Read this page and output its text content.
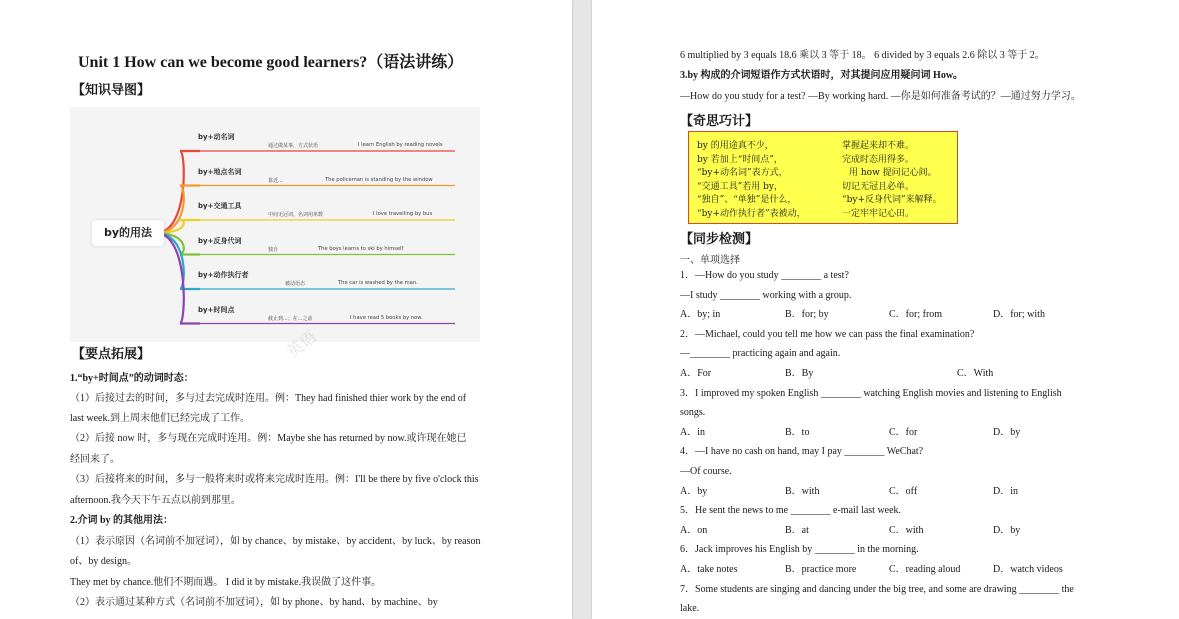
Unit 1 How can we become good learners?（语法讲练）
【知识导图】
by的用法
by+动名词
通过做某事，方式状语	I learn English by reading novels
by+地点名词
靠近...	The policeman is standing by the window
by+交通工具
中间无冠词、名词用单数	I love travelling by bus
by+反身代词
独自	The boys learns to ski by himself
by+动作执行者
被动语态	The car is washed by the man.
by+时间点
截止到...；在...之前	I have read 5 books by now.
英语
【要点拓展】
1.“by+时间点”的动词时态：
（1）后接过去的时间，多与过去完成时连用。例：They had finished thier work by the end of
last week.到上周末他们已经完成了工作。
（2）后接 now 时，多与现在完成时连用。例：Maybe she has returned by now.或许现在她已
经回来了。
（3）后接将来的时间，多与一般将来时或将来完成时连用。例：I'll be there by five o'clock this
afternoon.我今天下午五点以前到那里。
2.介词 by 的其他用法：
（1）表示原因（名词前不加冠词），如 by chance、by mistake、by accident、by luck、by reason
of、by design。
They met by chance.他们不期而遇。 I did it by mistake.我误做了这件事。
（2）表示通过某种方式（名词前不加冠词），如 by phone、by hand、by machine、by
6 multiplied by 3 equals 18.6 乘以 3 等于 18。 6 divided by 3 equals 2.6 除以 3 等于 2。
3.by 构成的介词短语作方式状语时，对其提问应用疑问词 How。
—How do you study for a test? —By working hard. —你是如何准备考试的？—通过努力学习。
【奇思巧计】
by 的用途真不少，	掌握起来却不难。
by 若加上“时间点”，	完成时态用得多。
“by+动名词”表方式，	用 how 提问记心间。
“交通工具”若用 by，	切记无冠且必单。
“独自”、“单独”是什么，	“by+反身代词”来解释。
“by+动作执行者”表被动，	一定牢牢记心田。
【同步检测】
一、单项选择
1．—How do you study ________ a test?
—I study ________ working with a group.
A．by; in	B．for; by	C．for; from	D．for; with
2．—Michael, could you tell me how we can pass the final examination?
—________ practicing again and again.
A．For	B．By	C．With
3．I improved my spoken English ________ watching English movies and listening to English
songs.
A．in	B．to	C．for	D．by
4．—I have no cash on hand, may I pay ________ WeChat?
—Of course.
A．by	B．with	C．off	D．in
5．He sent the news to me ________ e-mail last week.
A．on	B．at	C．with	D．by
6．Jack improves his English by ________ in the morning.
A．take notes	B．practice more	C．reading aloud	D．watch videos
7．Some students are singing and dancing under the big tree, and some are drawing ________ the
lake.
